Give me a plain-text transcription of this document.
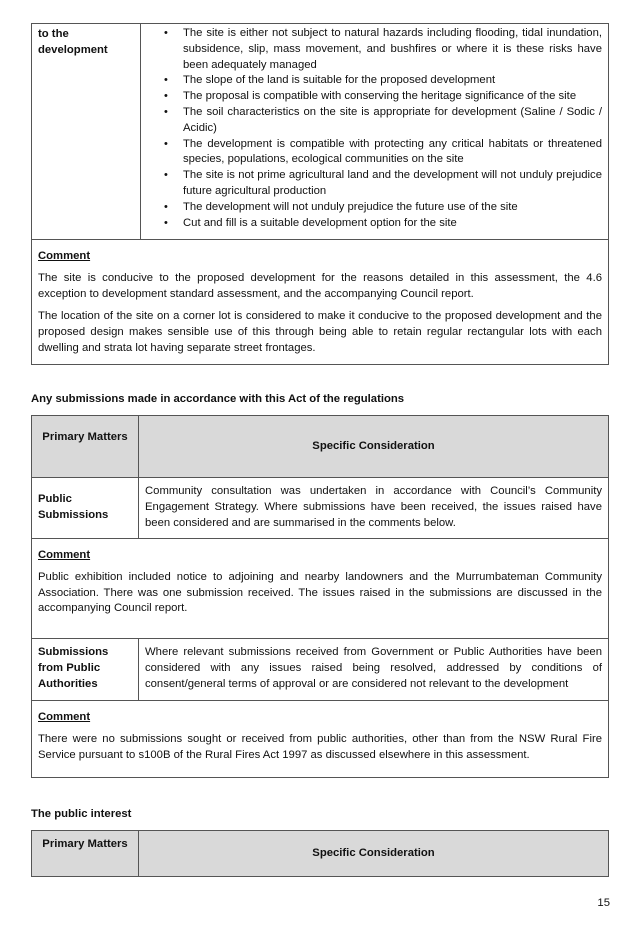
to the development	
• The site is either not subject to natural hazards including flooding, tidal inundation, subsidence, slip, mass movement, and bushfires or where it is these risks have been adequately managed
• The slope of the land is suitable for the proposed development
• The proposal is compatible with conserving the heritage significance of the site
• The soil characteristics on the site is appropriate for development (Saline / Sodic / Acidic)
• The development is compatible with protecting any critical habitats or threatened species, populations, ecological communities on the site
• The site is not prime agricultural land and the development will not unduly prejudice future agricultural production
• The development will not unduly prejudice the future use of the site
• Cut and fill is a suitable development option for the site

Comment

The site is conducive to the proposed development for the reasons detailed in this assessment, the 4.6 exception to development standard assessment, and the accompanying Council report.

The location of the site on a corner lot is considered to make it conducive to the proposed development and the proposed design makes sensible use of this through being able to retain regular rectangular lots with each dwelling and strata lot having separate street frontages.

Any submissions made in accordance with this Act of the regulations
Primary Matters	Specific Consideration
Public Submissions	Community consultation was undertaken in accordance with Council’s Community Engagement Strategy. Where submissions have been received, the issues raised have been considered and are summarised in the comments below.

Comment

Public exhibition included notice to adjoining and nearby landowners and the Murrumbateman Community Association. There was one submission received. The issues raised in the submissions are discussed in the accompanying Council report.	

Submissions from Public Authorities	Where relevant submissions received from Government or Public Authorities have been considered with any issues raised being resolved, addressed by conditions of consent/general terms of approval or are considered not relevant to the development

Comment

There were no submissions sought or received from public authorities, other than from the NSW Rural Fire Service pursuant to s100B of the Rural Fires Act 1997 as discussed elsewhere in this assessment.	

The public interest
Primary Matters	Specific Consideration
15
